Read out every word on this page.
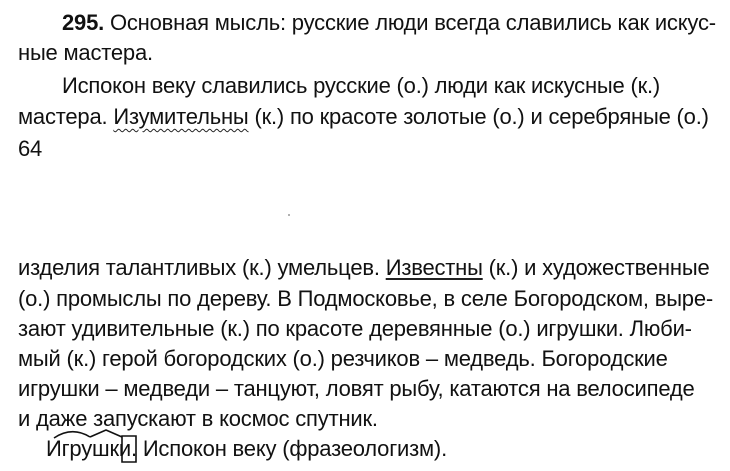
295. Основная мысль: русские люди всегда славились как искус-
ные мастера.
Испокон веку славились русские (о.) люди как искусные (к.)
мастера. Изумительны (к.) по красоте золотые (о.) и серебряные (о.)
64
изделия талантливых (к.) умельцев. Известны (к.) и художественные
(о.) промыслы по дереву. В Подмосковье, в селе Богородском, выре-
зают удивительные (к.) по красоте деревянные (о.) игрушки. Люби-
мый (к.) герой богородских (о.) резчиков – медведь. Богородские
игрушки – медведи – танцуют, ловят рыбу, катаются на велосипеде
и даже запускают в космос спутник.
Игрушки
. Испокон веку (фразеологизм).
